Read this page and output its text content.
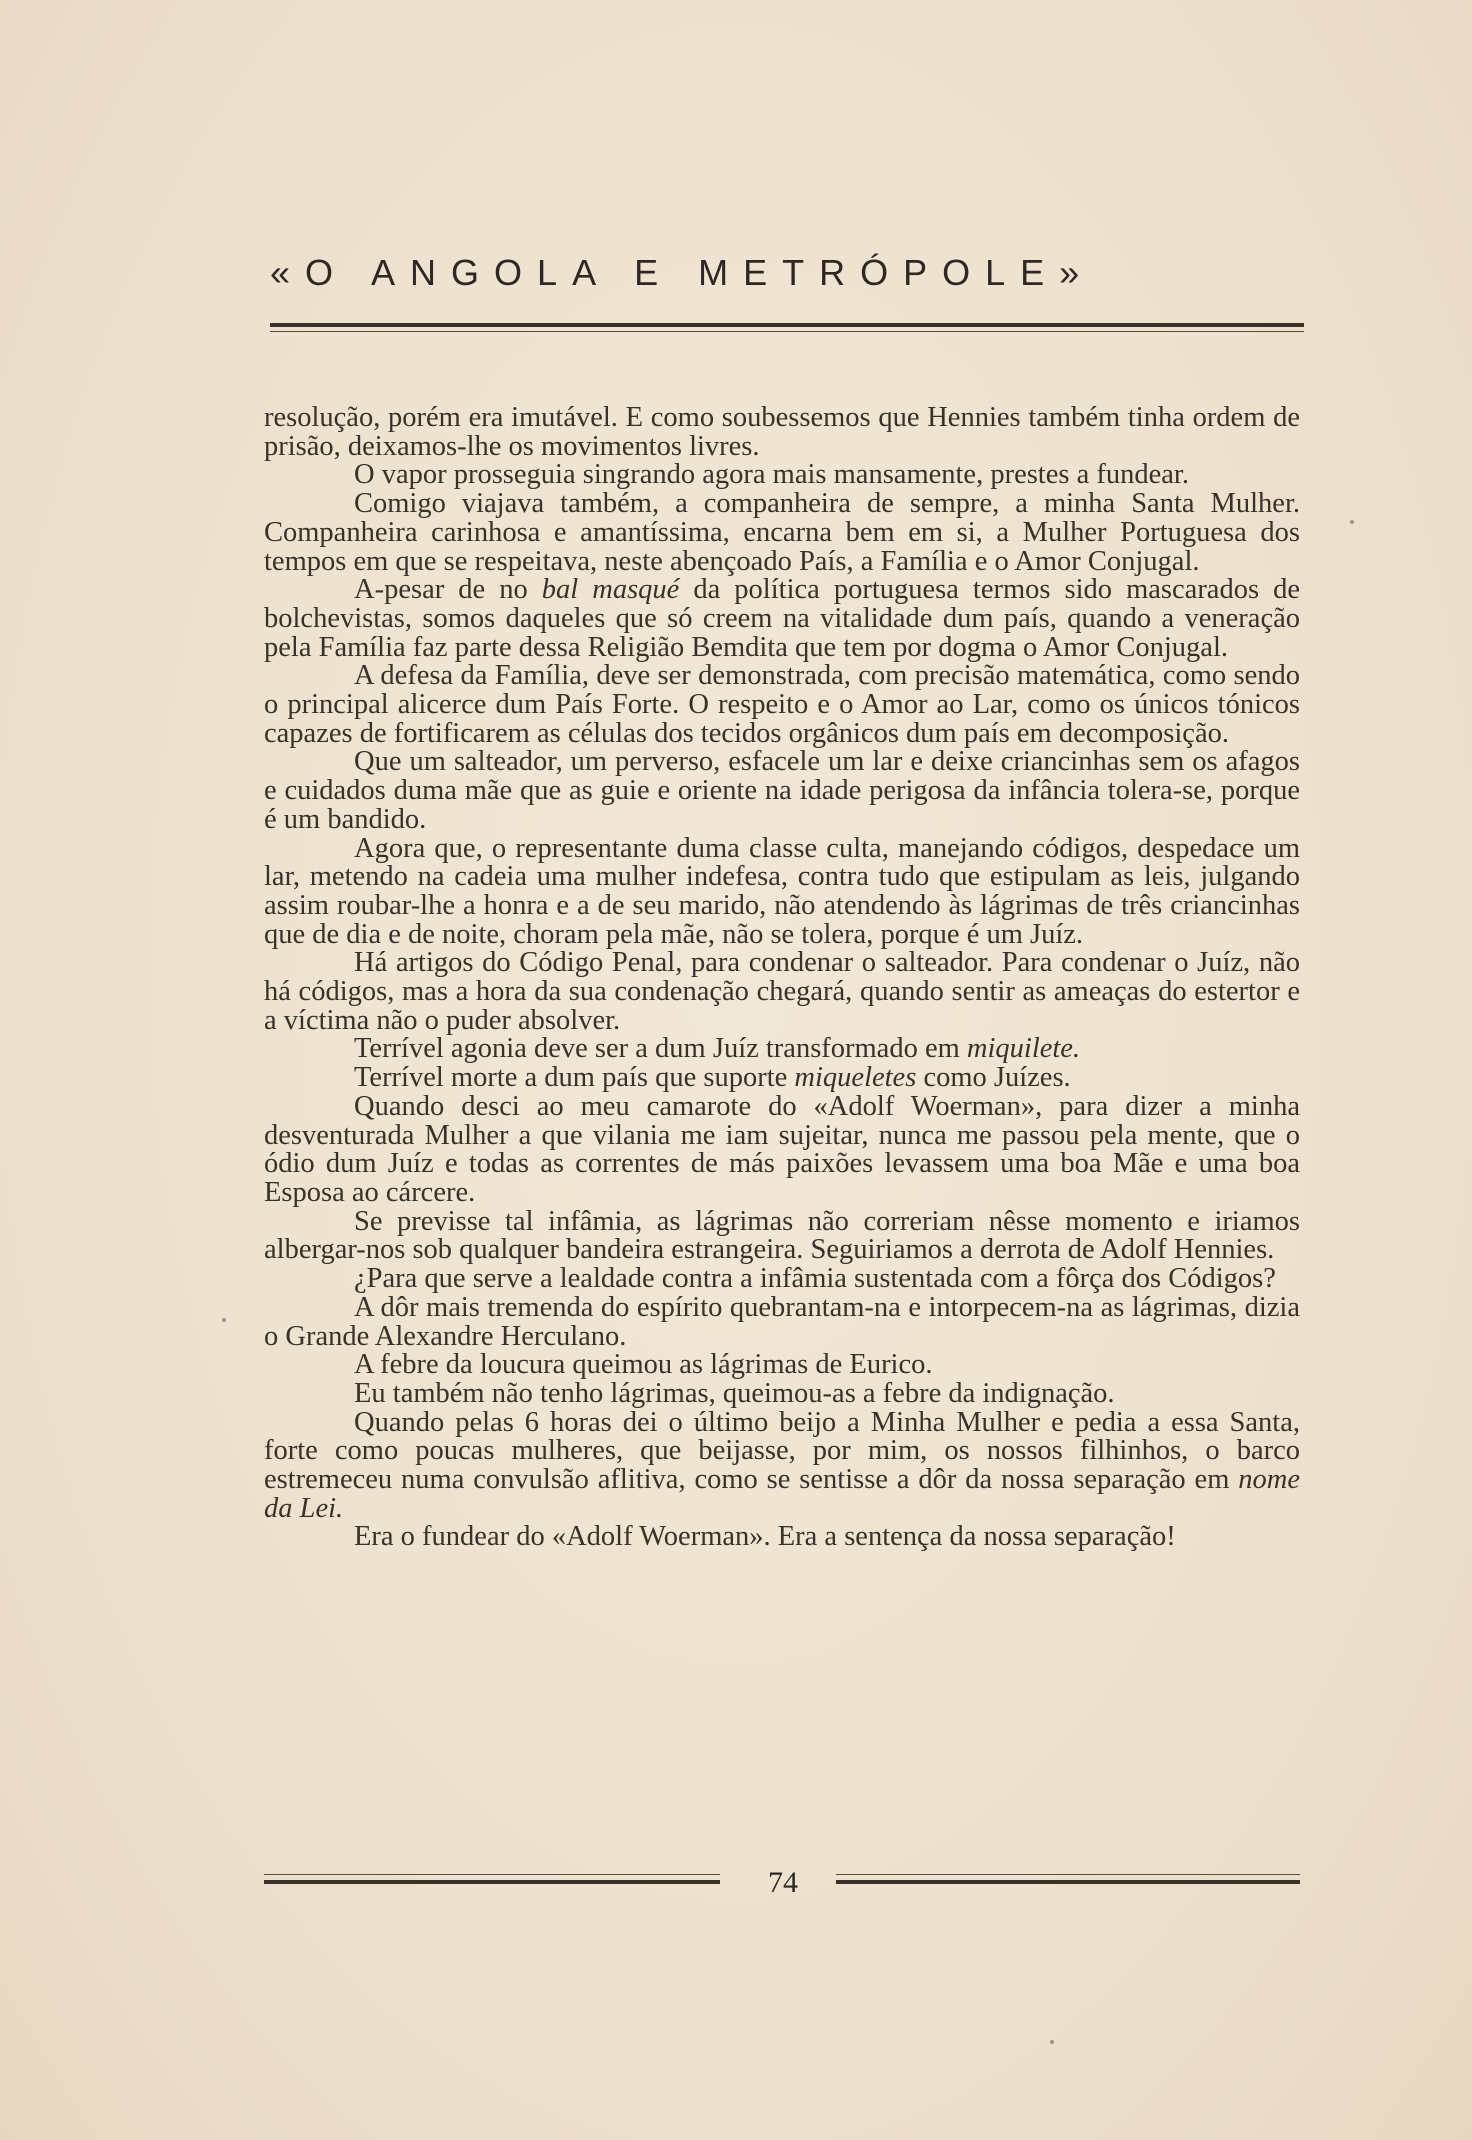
«O ANGOLA E METRÓPOLE»

resolução, porém era imutável. E como soubessemos que Hennies também tinha ordem de prisão, deixamos-lhe os movimentos livres.

O vapor prosseguia singrando agora mais mansamente, prestes a fundear.

Comigo viajava também, a companheira de sempre, a minha Santa Mulher. Companheira carinhosa e amantíssima, encarna bem em si, a Mulher Portuguesa dos tempos em que se respeitava, neste abençoado País, a Família e o Amor Conjugal.

A-pesar de no bal masqué da política portuguesa termos sido mascarados de bolchevistas, somos daqueles que só creem na vitalidade dum país, quando a veneração pela Família faz parte dessa Religião Bemdita que tem por dogma o Amor Conjugal.

A defesa da Família, deve ser demonstrada, com precisão matemática, como sendo o principal alicerce dum País Forte. O respeito e o Amor ao Lar, como os únicos tónicos capazes de fortificarem as células dos tecidos orgânicos dum país em decomposição.

Que um salteador, um perverso, esfacele um lar e deixe criancinhas sem os afagos e cuidados duma mãe que as guie e oriente na idade perigosa da infância tolera-se, porque é um bandido.

Agora que, o representante duma classe culta, manejando códigos, despedace um lar, metendo na cadeia uma mulher indefesa, contra tudo que estipulam as leis, julgando assim roubar-lhe a honra e a de seu marido, não atendendo às lágrimas de três criancinhas que de dia e de noite, choram pela mãe, não se tolera, porque é um Juíz.

Há artigos do Código Penal, para condenar o salteador. Para condenar o Juíz, não há códigos, mas a hora da sua condenação chegará, quando sentir as ameaças do estertor e a víctima não o puder absolver.

Terrível agonia deve ser a dum Juíz transformado em miquilete.

Terrível morte a dum país que suporte miqueletes como Juízes.

Quando desci ao meu camarote do «Adolf Woerman», para dizer a minha desventurada Mulher a que vilania me iam sujeitar, nunca me passou pela mente, que o ódio dum Juíz e todas as correntes de más paixões levassem uma boa Mãe e uma boa Esposa ao cárcere.

Se previsse tal infâmia, as lágrimas não correriam nêsse momento e iriamos albergar-nos sob qualquer bandeira estrangeira. Seguiriamos a derrota de Adolf Hennies.

¿Para que serve a lealdade contra a infâmia sustentada com a fôrça dos Códigos?

A dôr mais tremenda do espírito quebrantam-na e intorpecem-na as lágrimas, dizia o Grande Alexandre Herculano.

A febre da loucura queimou as lágrimas de Eurico.

Eu também não tenho lágrimas, queimou-as a febre da indignação.

Quando pelas 6 horas dei o último beijo a Minha Mulher e pedia a essa Santa, forte como poucas mulheres, que beijasse, por mim, os nossos filhinhos, o barco estremeceu numa convulsão aflitiva, como se sentisse a dôr da nossa separação em nome da Lei.

Era o fundear do «Adolf Woerman». Era a sentença da nossa separação!

74
